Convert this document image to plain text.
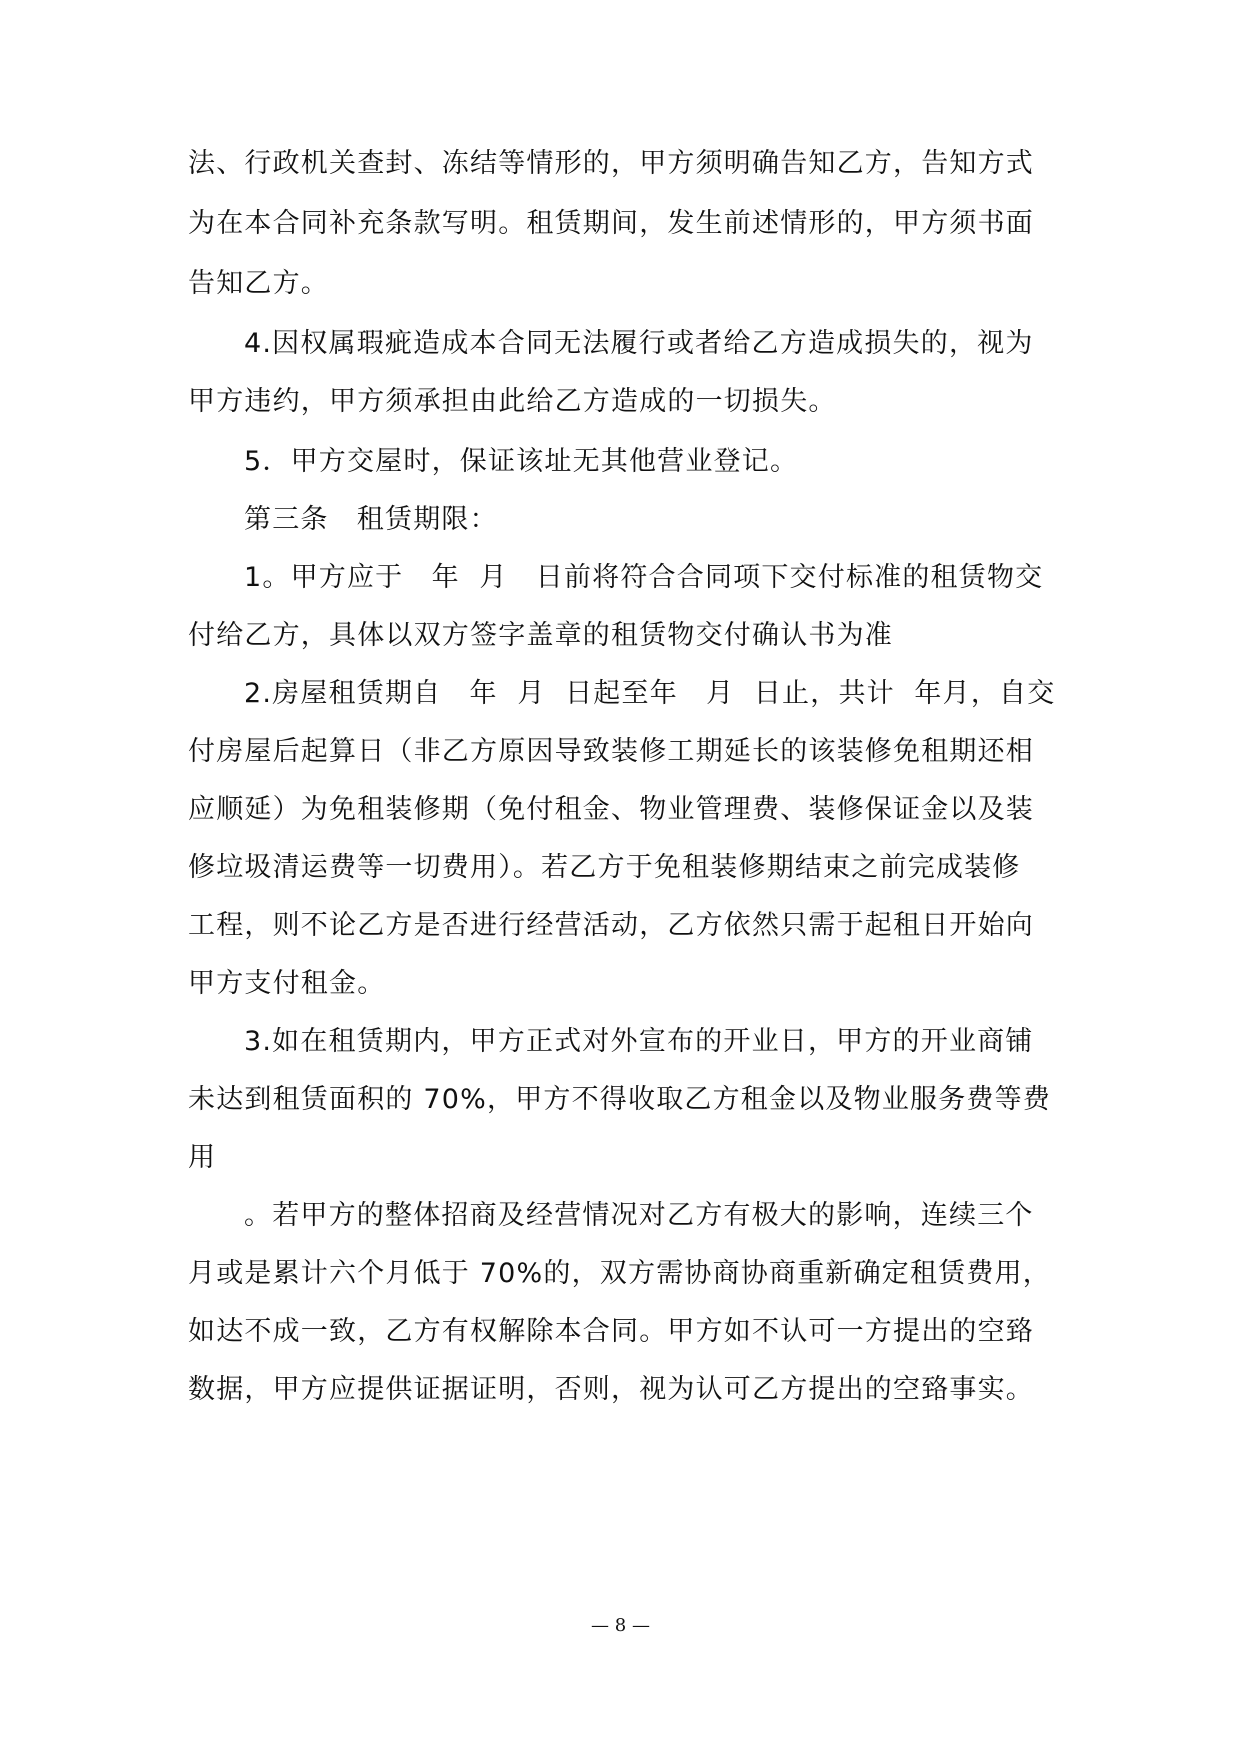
法、行政机关查封、冻结等情形的，甲方须明确告知乙方，告知方式
为在本合同补充条款写明。租赁期间，发生前述情形的，甲方须书面
告知乙方。
4.因权属瑕疵造成本合同无法履行或者给乙方造成损失的，视为
甲方违约，甲方须承担由此给乙方造成的一切损失。
5．甲方交屋时，保证该址无其他营业登记。
第三条　租赁期限：
1。甲方应于　年  月　日前将符合合同项下交付标准的租赁物交
付给乙方，具体以双方签字盖章的租赁物交付确认书为准
2.房屋租赁期自　年  月  日起至年　月  日止，共计  年月，自交
付房屋后起算日（非乙方原因导致装修工期延长的该装修免租期还相
应顺延）为免租装修期（免付租金、物业管理费、装修保证金以及装
修垃圾清运费等一切费用）。若乙方于免租装修期结束之前完成装修
工程，则不论乙方是否进行经营活动，乙方依然只需于起租日开始向
甲方支付租金。
3.如在租赁期内，甲方正式对外宣布的开业日，甲方的开业商铺
未达到租赁面积的 70%，甲方不得收取乙方租金以及物业服务费等费
用
。若甲方的整体招商及经营情况对乙方有极大的影响，连续三个
月或是累计六个月低于 70%的，双方需协商协商重新确定租赁费用，
如达不成一致，乙方有权解除本合同。甲方如不认可一方提出的空臵
数据，甲方应提供证据证明，否则，视为认可乙方提出的空臵事实。
— 8 —
